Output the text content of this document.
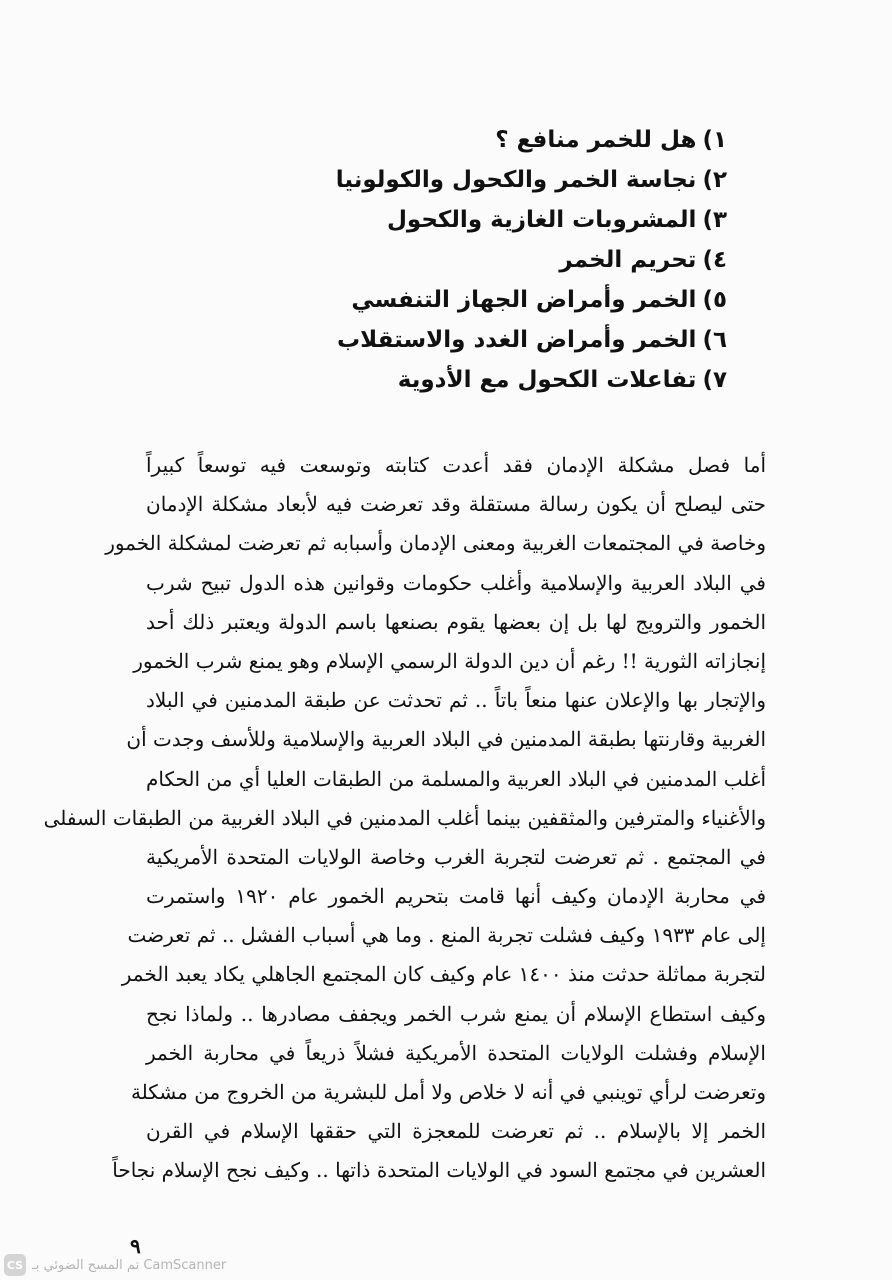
١)هل للخمر منافع ؟
٢)نجاسة الخمر والكحول والكولونيا
٣)المشروبات الغازية والكحول
٤)تحريم الخمر
٥)الخمر وأمراض الجهاز التنفسي
٦)الخمر وأمراض الغدد والاستقلاب
٧)تفاعلات الكحول مع الأدوية
أما فصل مشكلة الإدمان فقد أعدت كتابته وتوسعت فيه توسعاً كبيراً
حتى ليصلح أن يكون رسالة مستقلة وقد تعرضت فيه لأبعاد مشكلة الإدمان
وخاصة في المجتمعات الغربية ومعنى الإدمان وأسبابه ثم تعرضت لمشكلة الخمور
في البلاد العربية والإسلامية وأغلب حكومات وقوانين هذه الدول تبيح شرب
الخمور والترويج لها بل إن بعضها يقوم بصنعها باسم الدولة ويعتبر ذلك أحد
إنجازاته الثورية !! رغم أن دين الدولة الرسمي الإسلام وهو يمنع شرب الخمور
والإتجار بها والإعلان عنها منعاً باتاً .. ثم تحدثت عن طبقة المدمنين في البلاد
الغربية وقارنتها بطبقة المدمنين في البلاد العربية والإسلامية وللأسف وجدت أن
أغلب المدمنين في البلاد العربية والمسلمة من الطبقات العليا أي من الحكام
والأغنياء والمترفين والمثقفين بينما أغلب المدمنين في البلاد الغربية من الطبقات السفلى
في المجتمع . ثم تعرضت لتجربة الغرب وخاصة الولايات المتحدة الأمريكية
في محاربة الإدمان وكيف أنها قامت بتحريم الخمور عام ١٩٢٠ واستمرت
إلى عام ١٩٣٣ وكيف فشلت تجربة المنع . وما هي أسباب الفشل .. ثم تعرضت
لتجربة مماثلة حدثت منذ ١٤٠٠ عام وكيف كان المجتمع الجاهلي يكاد يعبد الخمر
وكيف استطاع الإسلام أن يمنع شرب الخمر ويجفف مصادرها .. ولماذا نجح
الإسلام وفشلت الولايات المتحدة الأمريكية فشلاً ذريعاً في محاربة الخمر
وتعرضت لرأي توينبي في أنه لا خلاص ولا أمل للبشرية من الخروج من مشكلة
الخمر إلا بالإسلام .. ثم تعرضت للمعجزة التي حققها الإسلام في القرن
العشرين في مجتمع السود في الولايات المتحدة ذاتها .. وكيف نجح الإسلام نجاحاً
٩
CS تم المسح الضوئي بـ CamScanner
